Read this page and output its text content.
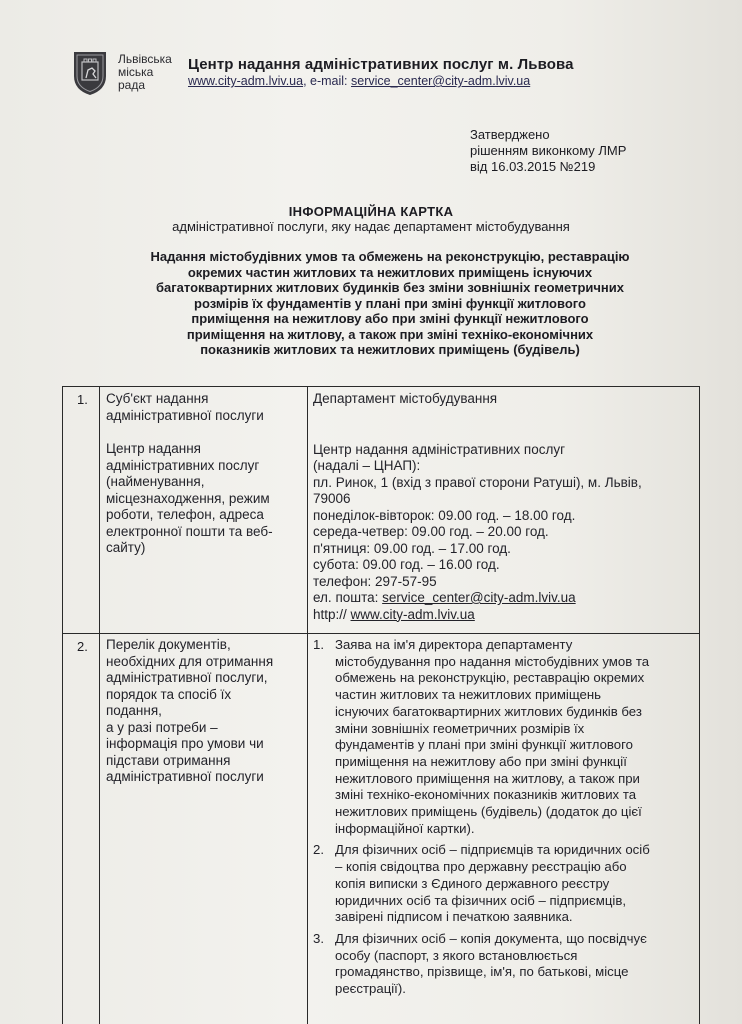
Львівська
міська
рада
Центр надання адміністративних послуг м. Львова
www.city-adm.lviv.ua, e-mail: service_center@city-adm.lviv.ua
Затверджено
рішенням виконкому ЛМР
від 16.03.2015 №219
ІНФОРМАЦІЙНА КАРТКА
адміністративної послуги, яку надає департамент містобудування
Надання містобудівних умов та обмежень на реконструкцію, реставрацію
окремих частин житлових та нежитлових приміщень існуючих
багатоквартирних житлових будинків без зміни зовнішніх геометричних
розмірів їх фундаментів у плані при зміні функції житлового
приміщення на нежитлову або при зміні функції нежитлового
приміщення на житлову, а також при зміні техніко-економічних
показників житлових та нежитлових приміщень (будівель)
1. Суб'єкт надання
адміністративної послуги
Центр надання
адміністративних послуг
(найменування,
місцезнаходження, режим
роботи, телефон, адреса
електронної пошти та веб-
сайту)
Департамент містобудування
Центр надання адміністративних послуг
(надалі – ЦНАП):
пл. Ринок, 1 (вхід з правої сторони Ратуші), м. Львів,
79006
понеділок-вівторок: 09.00 год. – 18.00 год.
середа-четвер: 09.00 год. – 20.00 год.
п'ятниця: 09.00 год. – 17.00 год.
субота: 09.00 год. – 16.00 год.
телефон: 297-57-95
ел. пошта: service_center@city-adm.lviv.ua
http:// www.city-adm.lviv.ua
2. Перелік документів,
необхідних для отримання
адміністративної послуги,
порядок та спосіб їх
подання,
а у разі потреби –
інформація про умови чи
підстави отримання
адміністративної послуги
1. Заява на ім'я директора департаменту
містобудування про надання містобудівних умов та
обмежень на реконструкцію, реставрацію окремих
частин житлових та нежитлових приміщень
існуючих багатоквартирних житлових будинків без
зміни зовнішніх геометричних розмірів їх
фундаментів у плані при зміні функції житлового
приміщення на нежитлову або при зміні функції
нежитлового приміщення на житлову, а також при
зміні техніко-економічних показників житлових та
нежитлових приміщень (будівель) (додаток до цієї
інформаційної картки).
2. Для фізичних осіб – підприємців та юридичних осіб
– копія свідоцтва про державну реєстрацію або
копія виписки з Єдиного державного реєстру
юридичних осіб та фізичних осіб – підприємців,
завірені підписом і печаткою заявника.
3. Для фізичних осіб – копія документа, що посвідчує
особу (паспорт, з якого встановлюється
громадянство, прізвище, ім'я, по батькові, місце
реєстрації).
